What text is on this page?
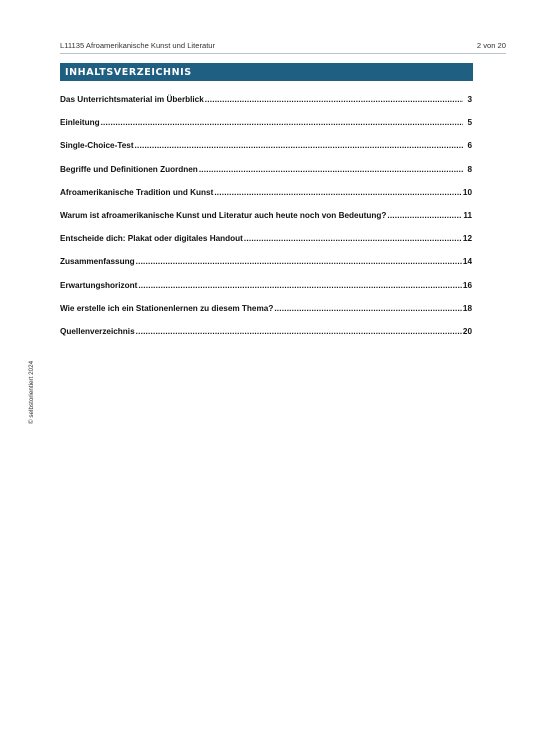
L11135 Afroamerikanische Kunst und Literatur	2 von 20
INHALTSVERZEICHNIS
Das Unterrichtsmaterial im Überblick .....	3
Einleitung .....	5
Single-Choice-Test .....	6
Begriffe und Definitionen Zuordnen .....	8
Afroamerikanische Tradition und Kunst .....	10
Warum ist afroamerikanische Kunst und Literatur auch heute noch von Bedeutung? .....	11
Entscheide dich: Plakat oder digitales Handout .....	12
Zusammenfassung .....	14
Erwartungshorizont .....	16
Wie erstelle ich ein Stationenlernen zu diesem Thema? .....	18
Quellenverzeichnis .....	20
© selbstorientiert 2024
